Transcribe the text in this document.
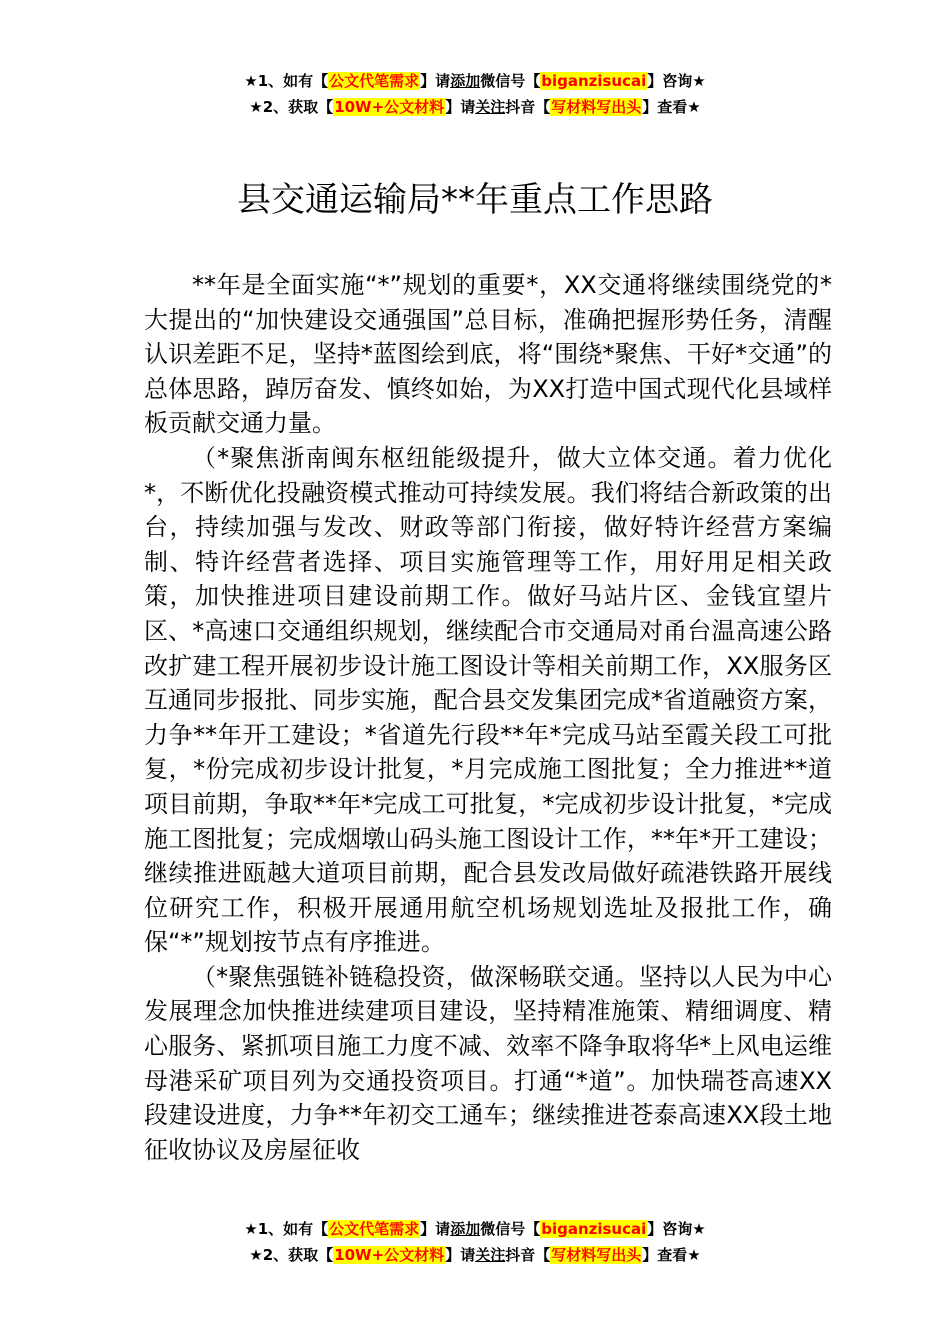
★1、如有【公文代笔需求】请添加微信号【biganzisucai】咨询★
★2、获取【10W+公文材料】请关注抖音【写材料写出头】查看★
县交通运输局**年重点工作思路

**年是全面实施“*”规划的重要*，XX交通将继续围绕党的*大提出的“加快建设交通强国”总目标，准确把握形势任务，清醒认识差距不足，坚持*蓝图绘到底，将“围绕*聚焦、干好*交通”的总体思路，踔厉奋发、慎终如始，为XX打造中国式现代化县域样板贡献交通力量。

（*聚焦浙南闽东枢纽能级提升，做大立体交通。着力优化*，不断优化投融资模式推动可持续发展。我们将结合新政策的出台，持续加强与发改、财政等部门衔接，做好特许经营方案编制、特许经营者选择、项目实施管理等工作，用好用足相关政策，加快推进项目建设前期工作。做好马站片区、金钱宜望片区、*高速口交通组织规划，继续配合市交通局对甬台温高速公路改扩建工程开展初步设计施工图设计等相关前期工作，XX服务区互通同步报批、同步实施，配合县交发集团完成*省道融资方案，力争**年开工建设；*省道先行段**年*完成马站至霞关段工可批复，*份完成初步设计批复，*月完成施工图批复；全力推进**道项目前期，争取**年*完成工可批复，*完成初步设计批复，*完成施工图批复；完成烟墩山码头施工图设计工作，**年*开工建设；继续推进瓯越大道项目前期，配合县发改局做好疏港铁路开展线位研究工作，积极开展通用航空机场规划选址及报批工作，确保“*”规划按节点有序推进。

（*聚焦强链补链稳投资，做深畅联交通。坚持以人民为中心发展理念加快推进续建项目建设，坚持精准施策、精细调度、精心服务、紧抓项目施工力度不减、效率不降争取将华*上风电运维母港采矿项目列为交通投资项目。打通“*道”。加快瑞苍高速XX段建设进度，力争**年初交工通车；继续推进苍泰高速XX段土地征收协议及房屋征收

★1、如有【公文代笔需求】请添加微信号【biganzisucai】咨询★
★2、获取【10W+公文材料】请关注抖音【写材料写出头】查看★
